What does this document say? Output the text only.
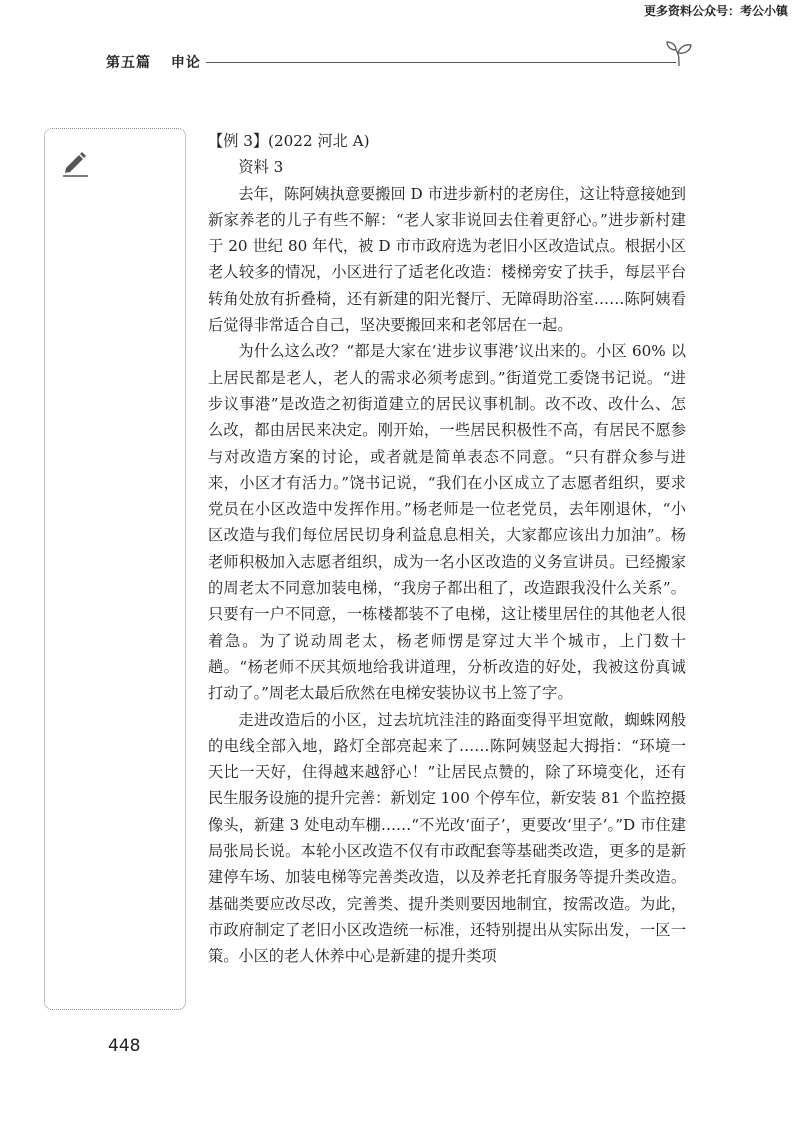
更多资料公众号：考公小镇
第五篇 申论

【例 3】(2022 河北 A)

资料 3

去年，陈阿姨执意要搬回 D 市进步新村的老房住，这让特意接她到新家养老的儿子有些不解：“老人家非说回去住着更舒心。”进步新村建于 20 世纪 80 年代，被 D 市市政府选为老旧小区改造试点。根据小区老人较多的情况，小区进行了适老化改造：楼梯旁安了扶手，每层平台转角处放有折叠椅，还有新建的阳光餐厅、无障碍助浴室……陈阿姨看后觉得非常适合自己，坚决要搬回来和老邻居在一起。

为什么这么改？“都是大家在‘进步议事港’议出来的。小区 60% 以上居民都是老人，老人的需求必须考虑到。”街道党工委饶书记说。“进步议事港”是改造之初街道建立的居民议事机制。改不改、改什么、怎么改，都由居民来决定。刚开始，一些居民积极性不高，有居民不愿参与对改造方案的讨论，或者就是简单表态不同意。“只有群众参与进来，小区才有活力。”饶书记说，“我们在小区成立了志愿者组织，要求党员在小区改造中发挥作用。”杨老师是一位老党员，去年刚退休，“小区改造与我们每位居民切身利益息息相关，大家都应该出力加油”。杨老师积极加入志愿者组织，成为一名小区改造的义务宣讲员。已经搬家的周老太不同意加装电梯，“我房子都出租了，改造跟我没什么关系”。只要有一户不同意，一栋楼都装不了电梯，这让楼里居住的其他老人很着急。为了说动周老太，杨老师愣是穿过大半个城市，上门数十趟。“杨老师不厌其烦地给我讲道理，分析改造的好处，我被这份真诚打动了。”周老太最后欣然在电梯安装协议书上签了字。

走进改造后的小区，过去坑坑洼洼的路面变得平坦宽敞，蜘蛛网般的电线全部入地，路灯全部亮起来了……陈阿姨竖起大拇指：“环境一天比一天好，住得越来越舒心！”让居民点赞的，除了环境变化，还有民生服务设施的提升完善：新划定 100 个停车位，新安装 81 个监控摄像头，新建 3 处电动车棚……“不光改‘面子’，更要改‘里子’。”D 市住建局张局长说。本轮小区改造不仅有市政配套等基础类改造，更多的是新建停车场、加装电梯等完善类改造，以及养老托育服务等提升类改造。基础类要应改尽改，完善类、提升类则要因地制宜，按需改造。为此，市政府制定了老旧小区改造统一标准，还特别提出从实际出发，一区一策。小区的老人休养中心是新建的提升类项

448
